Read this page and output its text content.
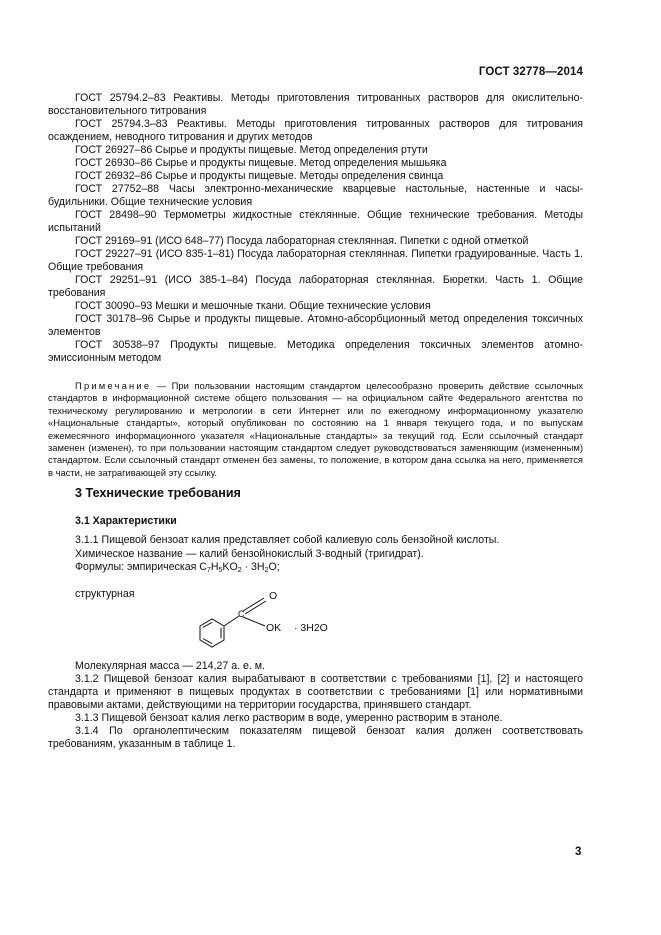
ГОСТ 32778—2014

ГОСТ 25794.2–83 Реактивы. Методы приготовления титрованных растворов для окислительно-восстановительного титрования

ГОСТ 25794.3–83 Реактивы. Методы приготовления титрованных растворов для титрования осаждением, неводного титрования и других методов

ГОСТ 26927–86 Сырье и продукты пищевые. Метод определения ртути

ГОСТ 26930–86 Сырье и продукты пищевые. Метод определения мышьяка

ГОСТ 26932–86 Сырье и продукты пищевые. Методы определения свинца

ГОСТ 27752–88 Часы электронно-механические кварцевые настольные, настенные и часы-будильники. Общие технические условия

ГОСТ 28498–90 Термометры жидкостные стеклянные. Общие технические требования. Методы испытаний

ГОСТ 29169–91 (ИСО 648–77) Посуда лабораторная стеклянная. Пипетки с одной отметкой

ГОСТ 29227–91 (ИСО 835-1–81) Посуда лабораторная стеклянная. Пипетки градуированные. Часть 1. Общие требования

ГОСТ 29251–91 (ИСО 385-1–84) Посуда лабораторная стеклянная. Бюретки. Часть 1. Общие требования

ГОСТ 30090–93 Мешки и мешочные ткани. Общие технические условия

ГОСТ 30178–96 Сырье и продукты пищевые. Атомно-абсорбционный метод определения токсичных элементов

ГОСТ 30538–97 Продукты пищевые. Методика определения токсичных элементов атомно-эмиссионным методом

Примечание — При пользовании настоящим стандартом целесообразно проверить действие ссылочных стандартов в информационной системе общего пользования — на официальном сайте Федерального агентства по техническому регулированию и метрологии в сети Интернет или по ежегодному информационному указателю «Национальные стандарты», который опубликован по состоянию на 1 января текущего года, и по выпускам ежемесячного информационного указателя «Национальные стандарты» за текущий год. Если ссылочный стандарт заменен (изменен), то при пользовании настоящим стандартом следует руководствоваться заменяющим (измененным) стандартом. Если ссылочный стандарт отменен без замены, то положение, в котором дана ссылка на него, применяется в части, не затрагивающей эту ссылку.

3 Технические требования
3.1 Характеристики

3.1.1 Пищевой бензоат калия представляет собой калиевую соль бензойной кислоты.

Химическое название — калий бензойнокислый 3-водный (тригидрат).

Формулы: эмпирическая $C_7H_5KO_2 \cdot 3H_2O$;

структурная
C
O
OK · 3H2O

Молекулярная масса — 214,27 а. е. м.

3.1.2 Пищевой бензоат калия вырабатывают в соответствии с требованиями [1], [2] и настоящего стандарта и применяют в пищевых продуктах в соответствии с требованиями [1] или нормативными правовыми актами, действующими на территории государства, принявшего стандарт.

3.1.3 Пищевой бензоат калия легко растворим в воде, умеренно растворим в этаноле.

3.1.4 По органолептическим показателям пищевой бензоат калия должен соответствовать требованиям, указанным в таблице 1.

3
